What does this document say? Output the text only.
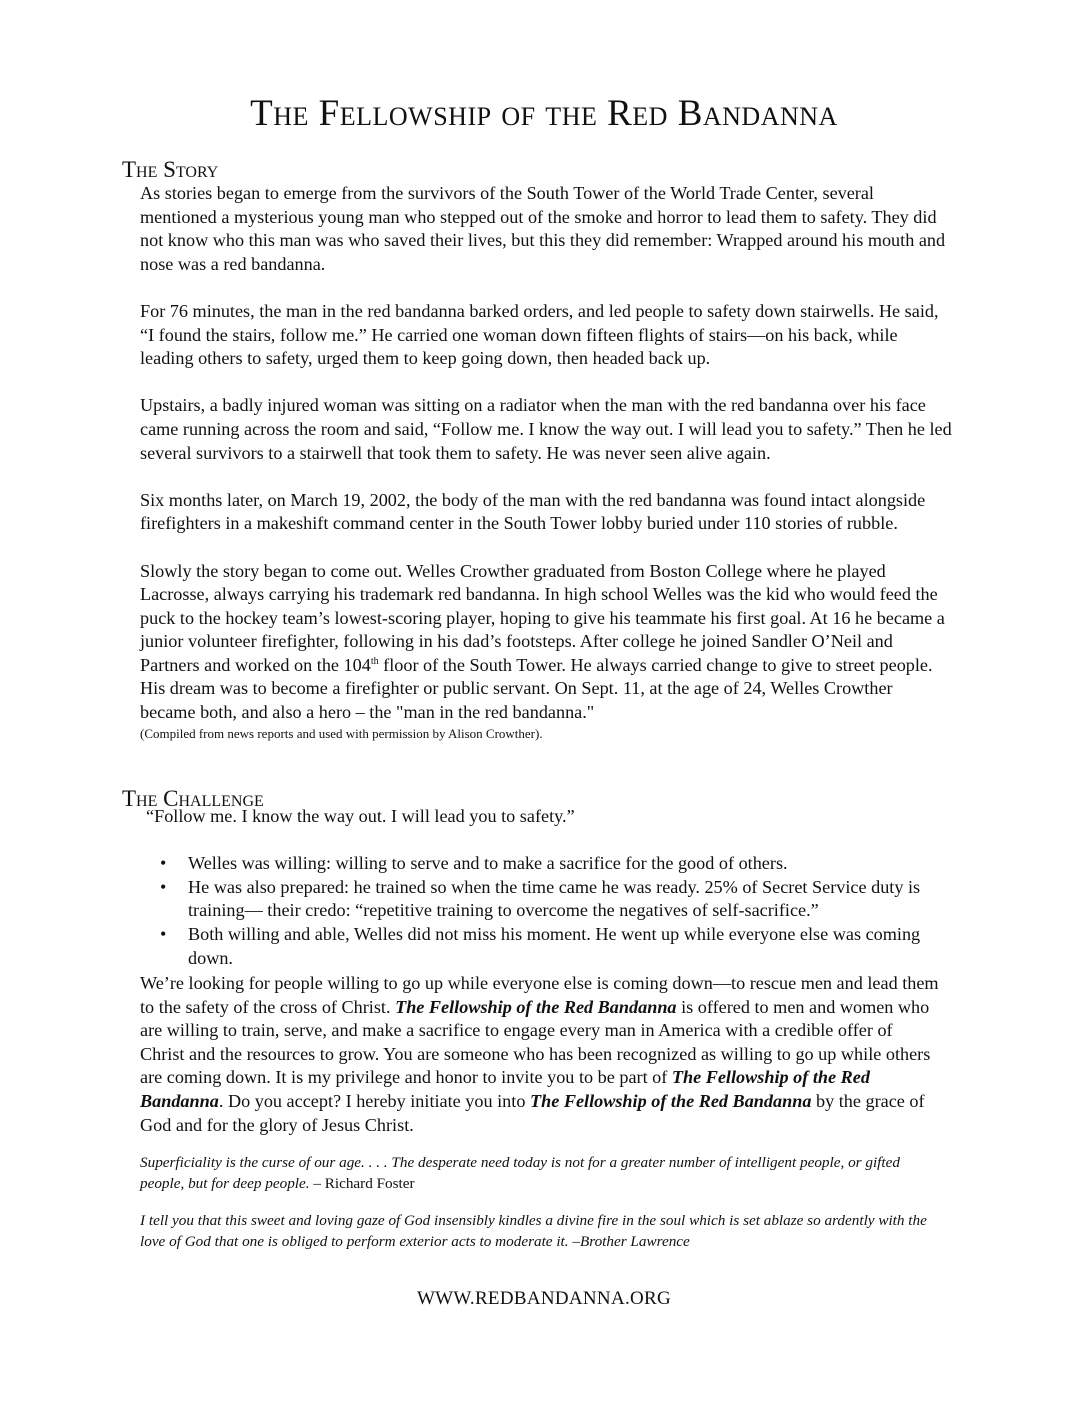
The Fellowship of the Red Bandanna
The Story

As stories began to emerge from the survivors of the South Tower of the World Trade Center, several mentioned a mysterious young man who stepped out of the smoke and horror to lead them to safety. They did not know who this man was who saved their lives, but this they did remember: Wrapped around his mouth and nose was a red bandanna.

For 76 minutes, the man in the red bandanna barked orders, and led people to safety down stairwells. He said, “I found the stairs, follow me.” He carried one woman down fifteen flights of stairs—on his back, while leading others to safety, urged them to keep going down, then headed back up.

Upstairs, a badly injured woman was sitting on a radiator when the man with the red bandanna over his face came running across the room and said, “Follow me. I know the way out. I will lead you to safety.” Then he led several survivors to a stairwell that took them to safety. He was never seen alive again.

Six months later, on March 19, 2002, the body of the man with the red bandanna was found intact alongside firefighters in a makeshift command center in the South Tower lobby buried under 110 stories of rubble.

Slowly the story began to come out. Welles Crowther graduated from Boston College where he played Lacrosse, always carrying his trademark red bandanna. In high school Welles was the kid who would feed the puck to the hockey team’s lowest-scoring player, hoping to give his teammate his first goal. At 16 he became a junior volunteer firefighter, following in his dad’s footsteps. After college he joined Sandler O’Neil and Partners and worked on the 104th floor of the South Tower. He always carried change to give to street people. His dream was to become a firefighter or public servant. On Sept. 11, at the age of 24, Welles Crowther became both, and also a hero – the "man in the red bandanna."
(Compiled from news reports and used with permission by Alison Crowther).

The Challenge

“Follow me. I know the way out. I will lead you to safety.”

• Welles was willing: willing to serve and to make a sacrifice for the good of others.
• He was also prepared: he trained so when the time came he was ready. 25% of Secret Service duty is training— their credo: “repetitive training to overcome the negatives of self-sacrifice.”
• Both willing and able, Welles did not miss his moment. He went up while everyone else was coming down.

We’re looking for people willing to go up while everyone else is coming down—to rescue men and lead them to the safety of the cross of Christ. The Fellowship of the Red Bandanna is offered to men and women who are willing to train, serve, and make a sacrifice to engage every man in America with a credible offer of Christ and the resources to grow. You are someone who has been recognized as willing to go up while others are coming down. It is my privilege and honor to invite you to be part of The Fellowship of the Red Bandanna. Do you accept? I hereby initiate you into The Fellowship of the Red Bandanna by the grace of God and for the glory of Jesus Christ.

Superficiality is the curse of our age. . . . The desperate need today is not for a greater number of intelligent people, or gifted people, but for deep people. – Richard Foster
I tell you that this sweet and loving gaze of God insensibly kindles a divine fire in the soul which is set ablaze so ardently with the love of God that one is obliged to perform exterior acts to moderate it. –Brother Lawrence
WWW.REDBANDANNA.ORG
